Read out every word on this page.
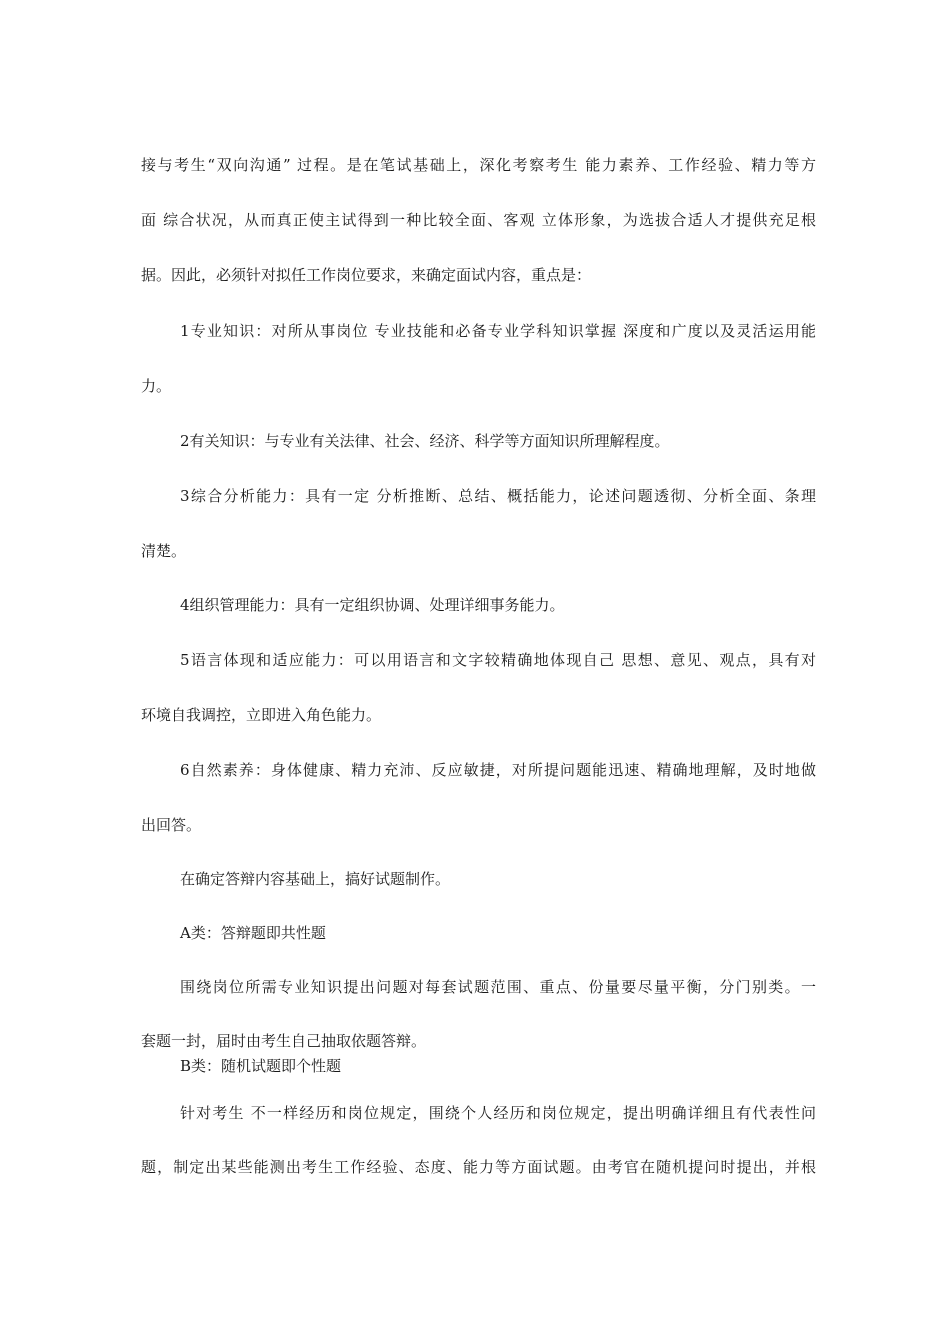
接与考生“双向沟通” 过程。是在笔试基础上，深化考察考生 能力素养、工作经验、精力等方

面 综合状况，从而真正使主试得到一种比较全面、客观 立体形象，为选拔合适人才提供充足根

据。因此，必须针对拟任工作岗位要求，来确定面试内容，重点是：

1专业知识：对所从事岗位 专业技能和必备专业学科知识掌握 深度和广度以及灵活运用能

力。

2有关知识：与专业有关法律、社会、经济、科学等方面知识所理解程度。

3综合分析能力：具有一定 分析推断、总结、概括能力，论述问题透彻、分析全面、条理

清楚。

4组织管理能力：具有一定组织协调、处理详细事务能力。

5语言体现和适应能力：可以用语言和文字较精确地体现自己 思想、意见、观点，具有对

环境自我调控，立即进入角色能力。

6自然素养：身体健康、精力充沛、反应敏捷，对所提问题能迅速、精确地理解，及时地做

出回答。

在确定答辩内容基础上，搞好试题制作。

A类：答辩题即共性题

围绕岗位所需专业知识提出问题对每套试题范围、重点、份量要尽量平衡，分门别类。一

套题一封，届时由考生自己抽取依题答辩。

B类：随机试题即个性题

针对考生 不一样经历和岗位规定，围绕个人经历和岗位规定，提出明确详细且有代表性问

题，制定出某些能测出考生工作经验、态度、能力等方面试题。由考官在随机提问时提出，并根
